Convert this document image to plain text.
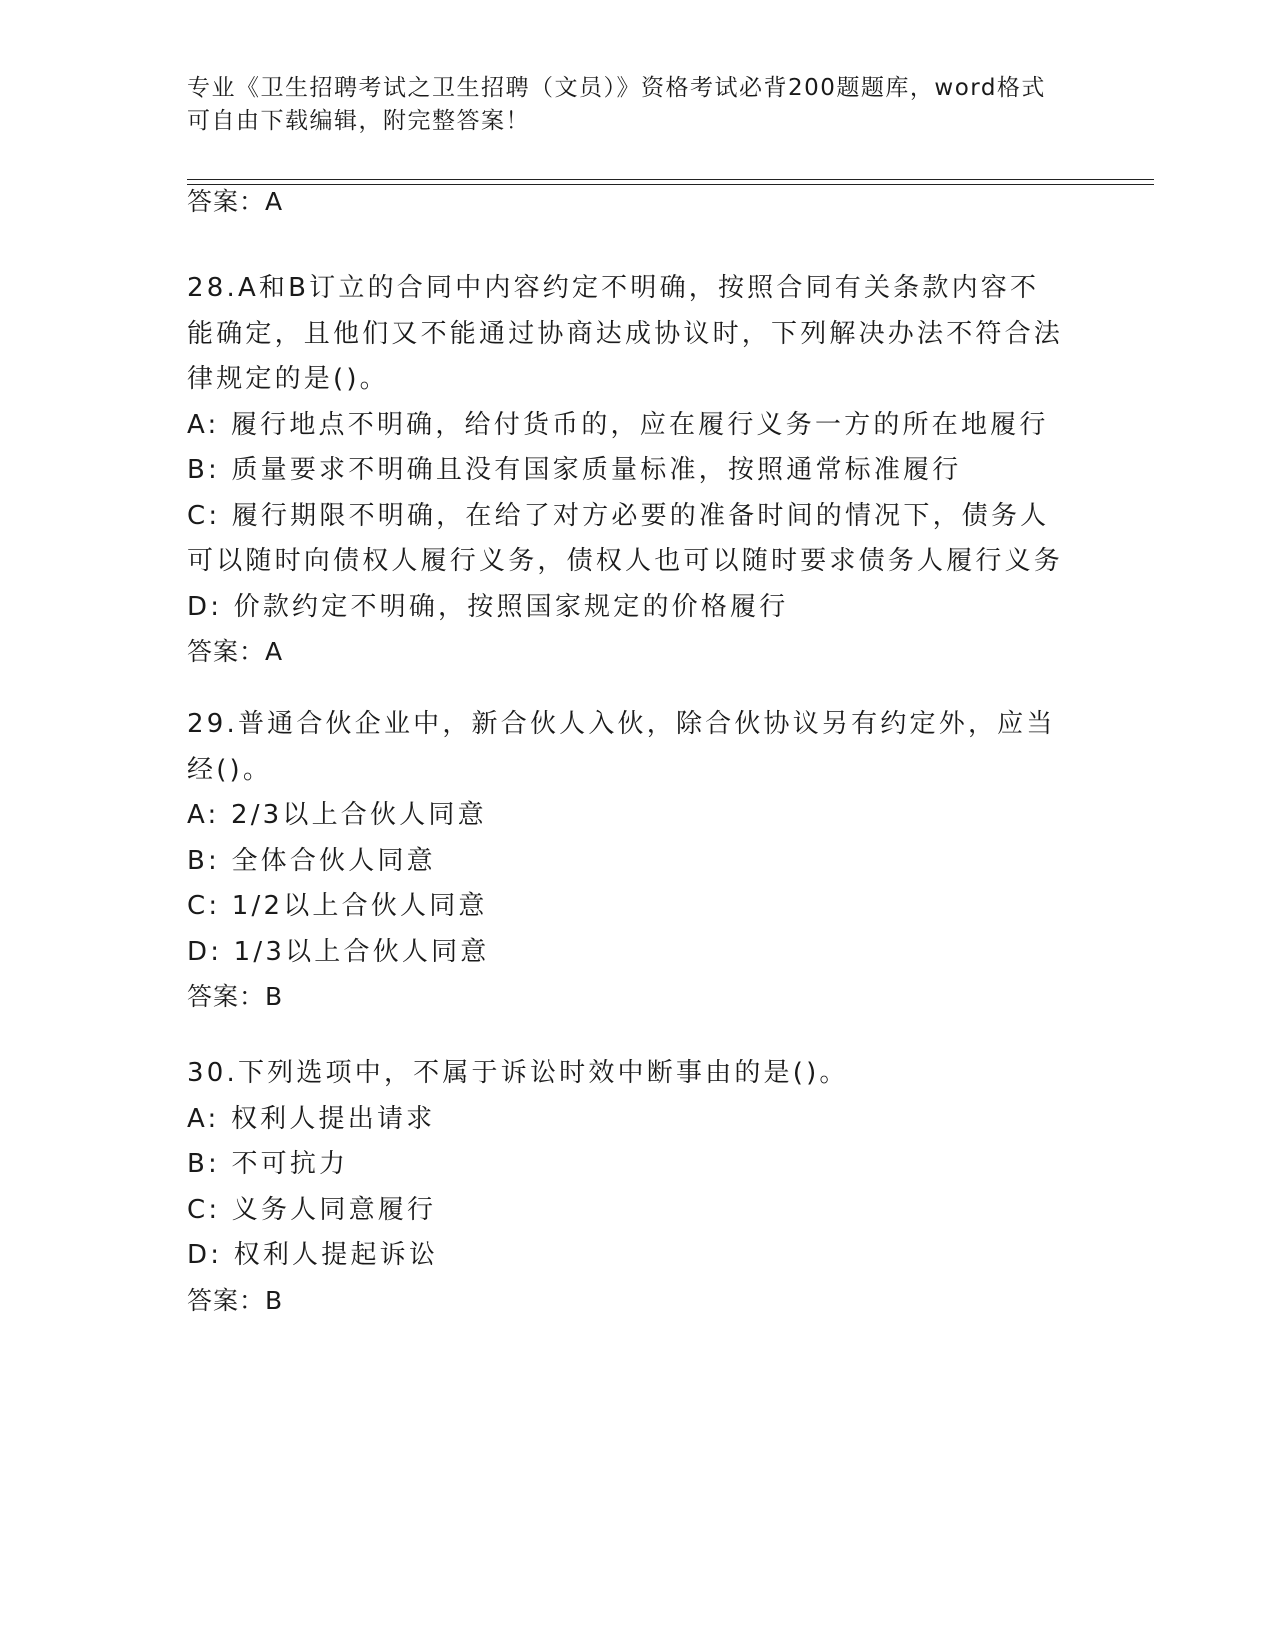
专业《卫生招聘考试之卫生招聘（文员）》资格考试必背200题题库，word格式可自由下载编辑，附完整答案！
答案：A

28.A和B订立的合同中内容约定不明确，按照合同有关条款内容不能确定，且他们又不能通过协商达成协议时，下列解决办法不符合法律规定的是()。

A: 履行地点不明确，给付货币的，应在履行义务一方的所在地履行

B: 质量要求不明确且没有国家质量标准，按照通常标准履行

C: 履行期限不明确，在给了对方必要的准备时间的情况下，债务人可以随时向债权人履行义务，债权人也可以随时要求债务人履行义务

D: 价款约定不明确，按照国家规定的价格履行

答案：A

29.普通合伙企业中，新合伙人入伙，除合伙协议另有约定外，应当经()。

A: 2/3以上合伙人同意

B: 全体合伙人同意

C: 1/2以上合伙人同意

D: 1/3以上合伙人同意

答案：B

30.下列选项中，不属于诉讼时效中断事由的是()。

A: 权利人提出请求

B: 不可抗力

C: 义务人同意履行

D: 权利人提起诉讼

答案：B
